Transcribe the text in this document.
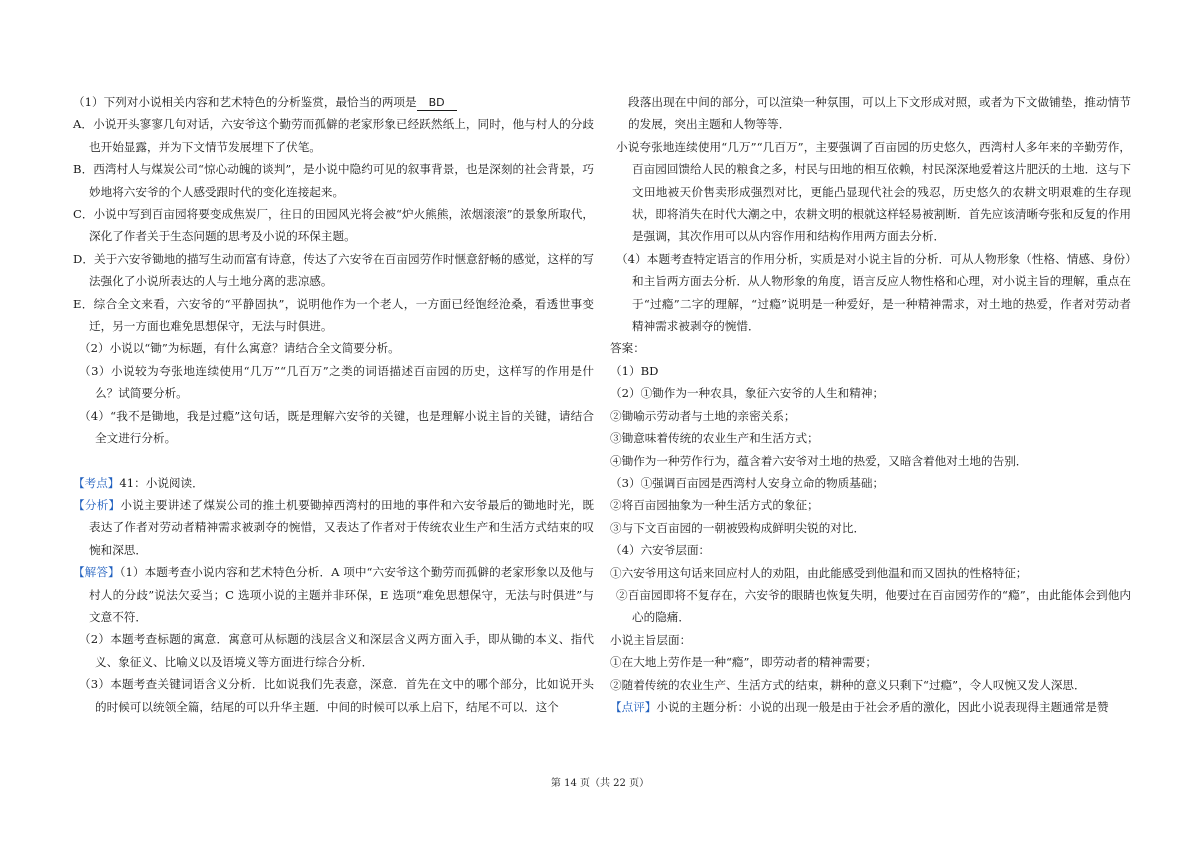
（1）下列对小说相关内容和艺术特色的分析鉴赏，最恰当的两项是 BD

A．小说开头寥寥几句对话，六安爷这个勤劳而孤僻的老家形象已经跃然纸上，同时，他与村人的分歧也开始显露，并为下文情节发展埋下了伏笔。

B．西湾村人与煤炭公司“惊心动魄的谈判”，是小说中隐约可见的叙事背景，也是深刻的社会背景，巧妙地将六安爷的个人感受跟时代的变化连接起来。

C．小说中写到百亩园将要变成焦炭厂，往日的田园风光将会被“炉火熊熊，浓烟滚滚”的景象所取代，深化了作者关于生态问题的思考及小说的环保主题。

D．关于六安爷锄地的描写生动而富有诗意，传达了六安爷在百亩园劳作时惬意舒畅的感觉，这样的写法强化了小说所表达的人与土地分离的悲凉感。

E．综合全文来看，六安爷的“平静固执”，说明他作为一个老人，一方面已经饱经沧桑，看透世事变迁，另一方面也难免思想保守，无法与时俱进。

（2）小说以“锄”为标题，有什么寓意？请结合全文简要分析。

（3）小说较为夸张地连续使用“几万”“几百万”之类的词语描述百亩园的历史，这样写的作用是什么？试简要分析。

（4）“我不是锄地，我是过瘾”这句话，既是理解六安爷的关键，也是理解小说主旨的关键，请结合全文进行分析。

【考点】41：小说阅读．

【分析】小说主要讲述了煤炭公司的推土机要锄掉西湾村的田地的事件和六安爷最后的锄地时光，既表达了作者对劳动者精神需求被剥夺的惋惜，又表达了作者对于传统农业生产和生活方式结束的叹惋和深思．

【解答】（1）本题考查小说内容和艺术特色分析．A 项中“六安爷这个勤劳而孤僻的老家形象以及他与村人的分歧”说法欠妥当；C 选项小说的主题并非环保，E 选项“难免思想保守，无法与时俱进”与文意不符．

（2）本题考查标题的寓意．寓意可从标题的浅层含义和深层含义两方面入手，即从锄的本义、指代义、象征义、比喻义以及语境义等方面进行综合分析．

（3）本题考查关键词语含义分析．比如说我们先表意，深意．首先在文中的哪个部分，比如说开头的时候可以统领全篇，结尾的可以升华主题．中间的时候可以承上启下，结尾不可以．这个

段落出现在中间的部分，可以渲染一种氛围，可以上下文形成对照，或者为下文做铺垫，推动情节的发展，突出主题和人物等等．

小说夸张地连续使用“几万”“几百万”，主要强调了百亩园的历史悠久，西湾村人多年来的辛勤劳作，百亩园回馈给人民的粮食之多，村民与田地的相互依赖，村民深深地爱着这片肥沃的土地．这与下文田地被天价售卖形成强烈对比，更能凸显现代社会的残忍，历史悠久的农耕文明艰难的生存现状，即将消失在时代大潮之中，农耕文明的根就这样轻易被割断．首先应该清晰夸张和反复的作用是强调，其次作用可以从内容作用和结构作用两方面去分析．

（4）本题考查特定语言的作用分析，实质是对小说主旨的分析．可从人物形象（性格、情感、身份）和主旨两方面去分析．从人物形象的角度，语言反应人物性格和心理，对小说主旨的理解，重点在于“过瘾”二字的理解，“过瘾”说明是一种爱好，是一种精神需求，对土地的热爱，作者对劳动者精神需求被剥夺的惋惜．

答案：

（1）BD

（2）①锄作为一种农具，象征六安爷的人生和精神；

②锄喻示劳动者与土地的亲密关系；

③锄意味着传统的农业生产和生活方式；

④锄作为一种劳作行为，蕴含着六安爷对土地的热爱，又暗含着他对土地的告别．

（3）①强调百亩园是西湾村人安身立命的物质基础；

②将百亩园抽象为一种生活方式的象征；

③与下文百亩园的一朝被毁构成鲜明尖锐的对比．

（4）六安爷层面：

①六安爷用这句话来回应村人的劝阻，由此能感受到他温和而又固执的性格特征；

②百亩园即将不复存在，六安爷的眼睛也恢复失明，他要过在百亩园劳作的“瘾”，由此能体会到他内心的隐痛．

小说主旨层面：

①在大地上劳作是一种“瘾”，即劳动者的精神需要；

②随着传统的农业生产、生活方式的结束，耕种的意义只剩下“过瘾”，令人叹惋又发人深思．

【点评】小说的主题分析：小说的出现一般是由于社会矛盾的激化，因此小说表现得主题通常是赞

第 14 页（共 22 页）
